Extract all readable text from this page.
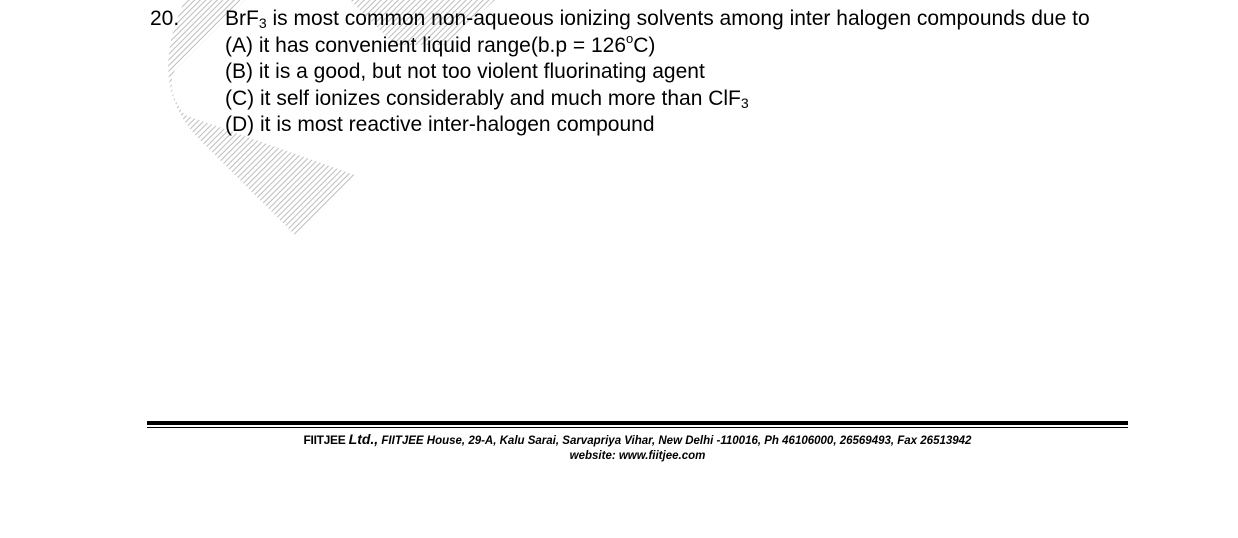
20. BrF$_3$ is most common non-aqueous ionizing solvents among inter halogen compounds due to
(A) it has convenient liquid range(b.p = $126^oC$)
(B) it is a good, but not too violent fluorinating agent
(C) it self ionizes considerably and much more than ClF$_3$
(D) it is most reactive inter-halogen compound
FIITJEE Ltd., FIITJEE House, 29-A, Kalu Sarai, Sarvapriya Vihar, New Delhi -110016, Ph 46106000, 26569493, Fax 26513942
website: www.fiitjee.com
